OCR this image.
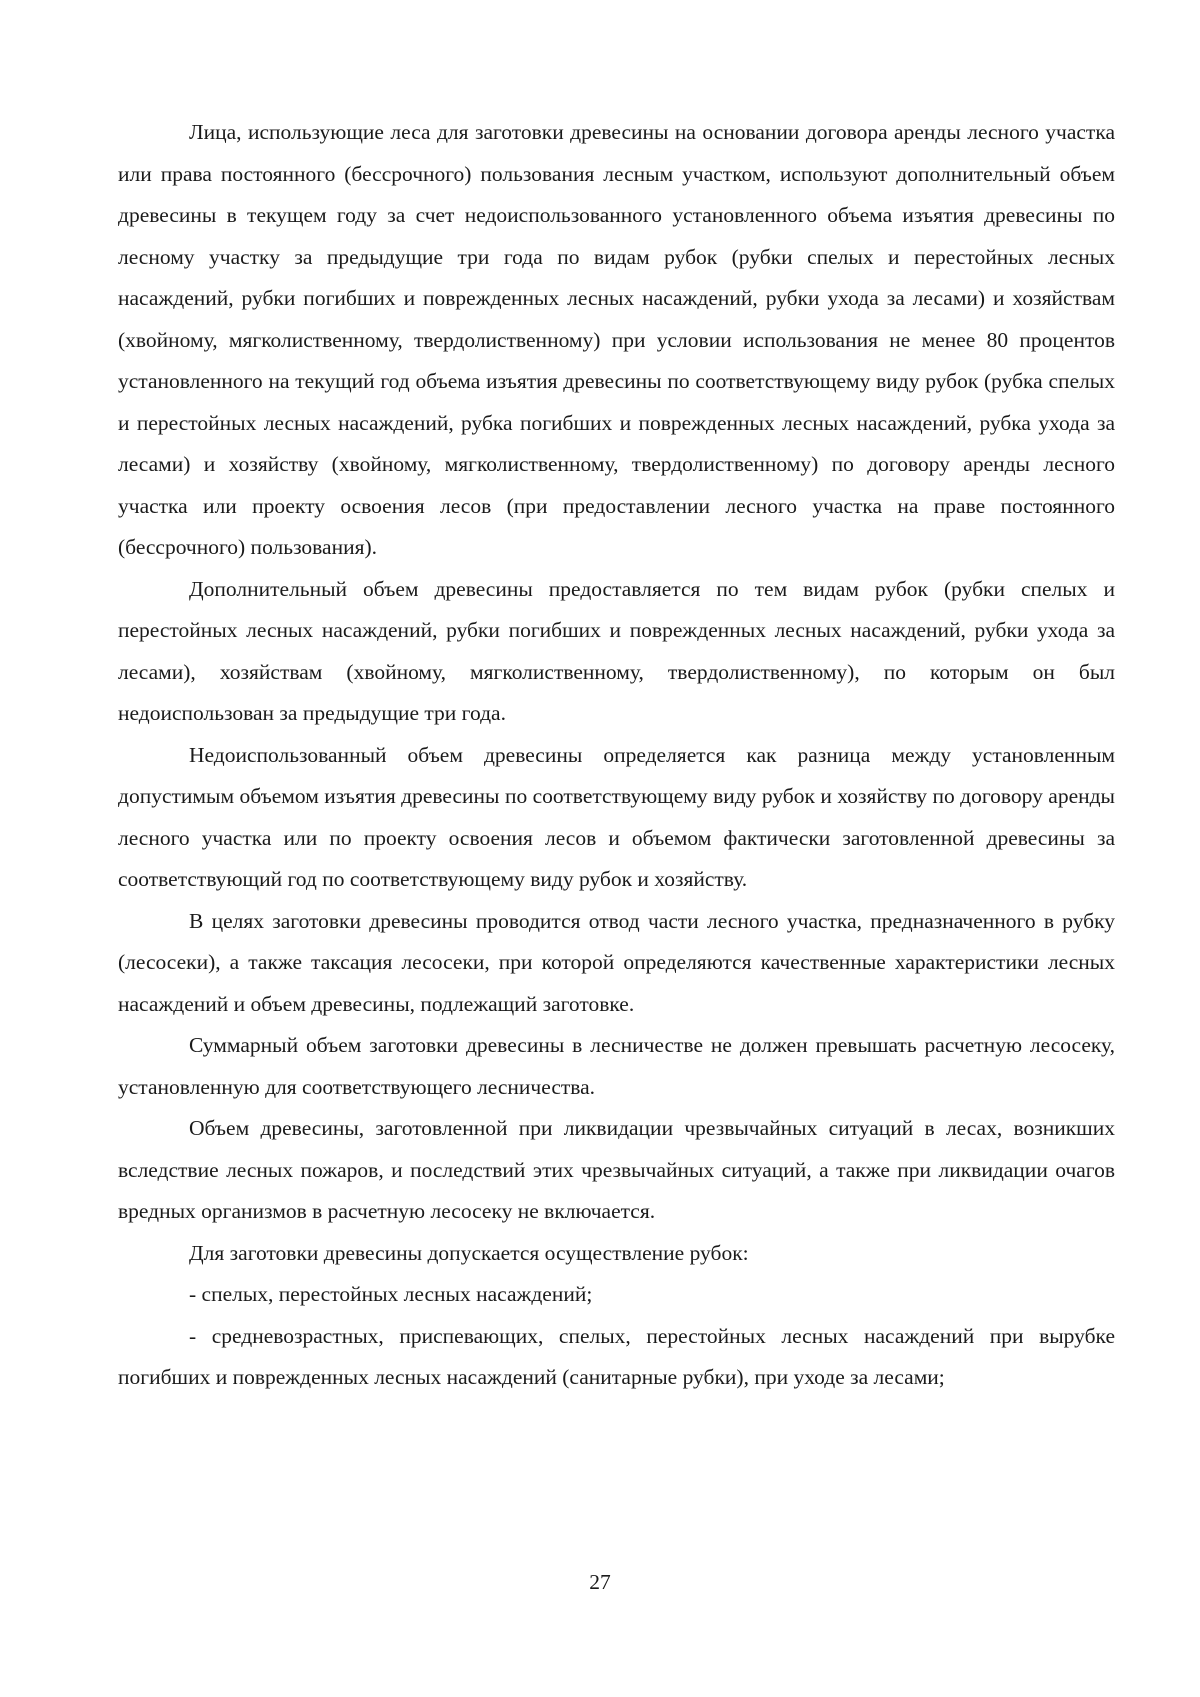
Лица, использующие леса для заготовки древесины на основании договора аренды лесного участка или права постоянного (бессрочного) пользования лесным участком, используют дополнительный объем древесины в текущем году за счет недоиспользованного установленного объема изъятия древесины по лесному участку за предыдущие три года по видам рубок (рубки спелых и перестойных лесных насаждений, рубки погибших и поврежденных лесных насаждений, рубки ухода за лесами) и хозяйствам (хвойному, мягколиственному, твердолиственному) при условии использования не менее 80 процентов установленного на текущий год объема изъятия древесины по соответствующему виду рубок (рубка спелых и перестойных лесных насаждений, рубка погибших и поврежденных лесных насаждений, рубка ухода за лесами) и хозяйству (хвойному, мягколиственному, твердолиственному) по договору аренды лесного участка или проекту освоения лесов (при предоставлении лесного участка на праве постоянного (бессрочного) пользования).

Дополнительный объем древесины предоставляется по тем видам рубок (рубки спелых и перестойных лесных насаждений, рубки погибших и поврежденных лесных насаждений, рубки ухода за лесами), хозяйствам (хвойному, мягколиственному, твердолиственному), по которым он был недоиспользован за предыдущие три года.

Недоиспользованный объем древесины определяется как разница между установленным допустимым объемом изъятия древесины по соответствующему виду рубок и хозяйству по договору аренды лесного участка или по проекту освоения лесов и объемом фактически заготовленной древесины за соответствующий год по соответствующему виду рубок и хозяйству.

В целях заготовки древесины проводится отвод части лесного участка, предназначенного в рубку (лесосеки), а также таксация лесосеки, при которой определяются качественные характеристики лесных насаждений и объем древесины, подлежащий заготовке.

Суммарный объем заготовки древесины в лесничестве не должен превышать расчетную лесосеку, установленную для соответствующего лесничества.

Объем древесины, заготовленной при ликвидации чрезвычайных ситуаций в лесах, возникших вследствие лесных пожаров, и последствий этих чрезвычайных ситуаций, а также при ликвидации очагов вредных организмов в расчетную лесосеку не включается.

Для заготовки древесины допускается осуществление рубок:

- спелых, перестойных лесных насаждений;

- средневозрастных, приспевающих, спелых, перестойных лесных насаждений при вырубке погибших и поврежденных лесных насаждений (санитарные рубки), при уходе за лесами;

27
